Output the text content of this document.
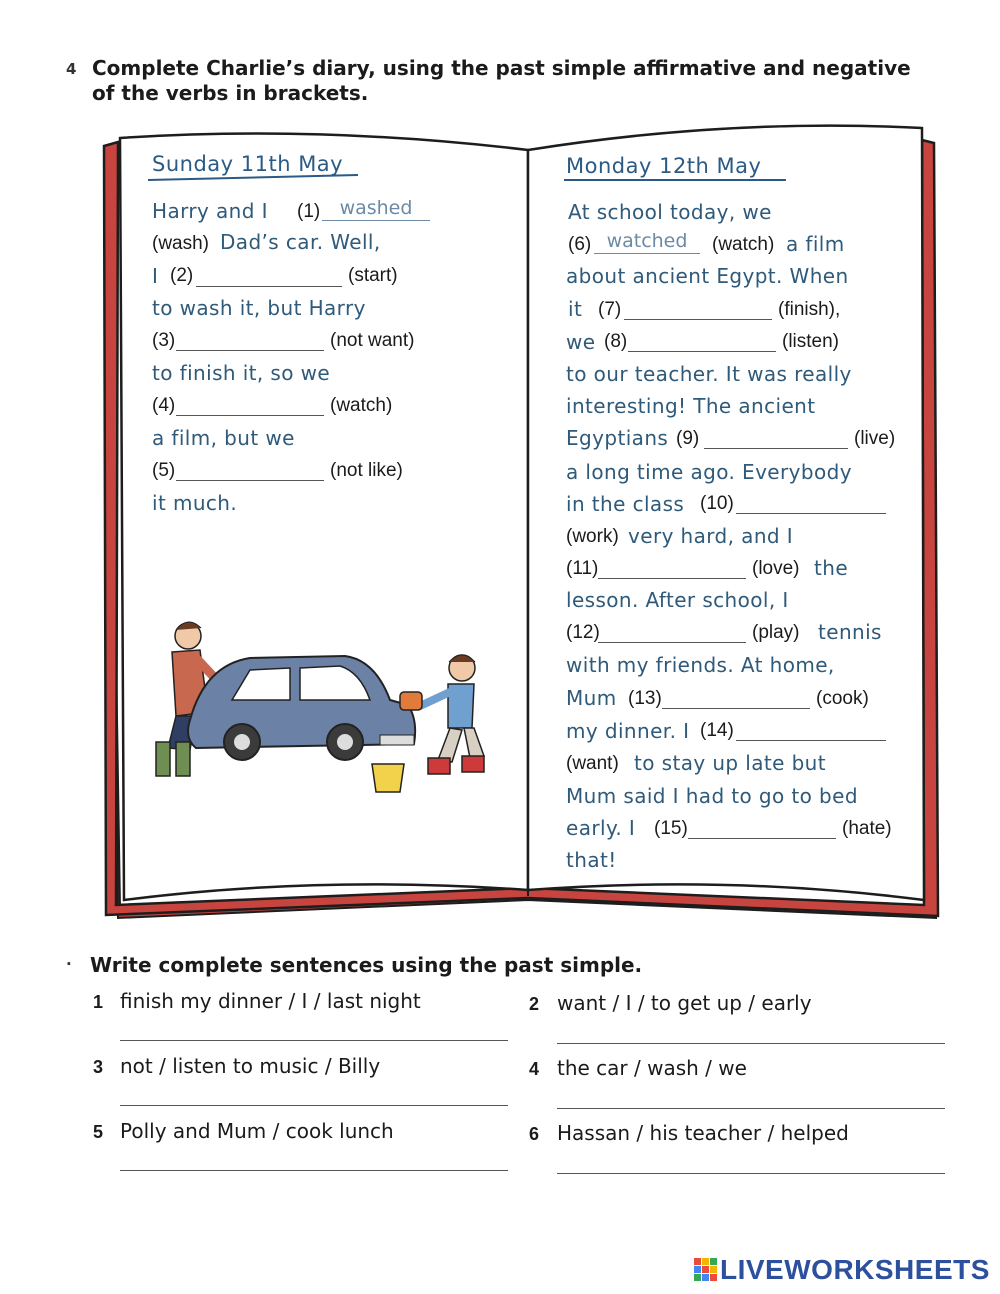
4 Complete Charlie’s diary, using the past simple affirmative and negative
of the verbs in brackets.
Sunday 11th May
Harry and I (1)
washed
(wash) Dad’s car. Well,
I (2)	(start)
to wash it, but Harry
(3)	(not want)
to finish it, so we
(4)	(watch)
a film, but we
(5)	(not like)
it much.
Monday 12th May
At school today, we
(6)
watched	(watch) a film
about ancient Egypt. When
it (7)	(finish),
we (8)	(listen)
to our teacher. It was really
interesting! The ancient
Egyptians (9)	(live)
a long time ago. Everybody
in the class (10)
(work) very hard, and I
(11)	(love) the
lesson. After school, I
(12)	(play) tennis
with my friends. At home,
Mum (13)	(cook)
my dinner. I (14)
(want) to stay up late but
Mum said I had to go to bed
early. I (15)	(hate)
that!
· Write complete sentences using the past simple.
1 finish my dinner / I / last night	2 want / I / to get up / early
3 not / listen to music / Billy	4 the car / wash / we
5 Polly and Mum / cook lunch	6 Hassan / his teacher / helped
LIVEWORKSHEETS
